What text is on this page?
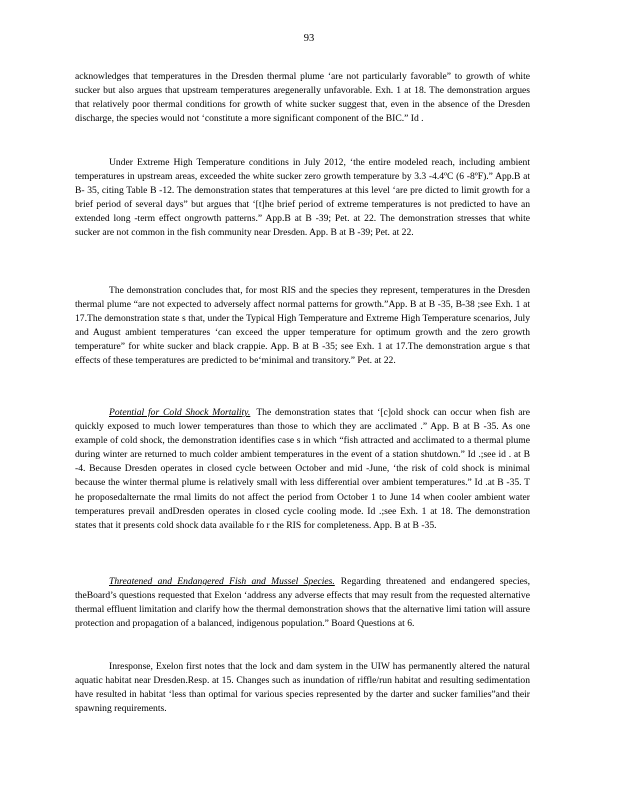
93

acknowledges that temperatures in the Dresden thermal plume ‘are not particularly favorable” to growth of white sucker but also argues that upstream temperatures aregenerally unfavorable. Exh. 1 at 18. The demonstration argues that relatively poor thermal conditions for growth of white sucker suggest that, even in the absence of the Dresden discharge, the species would not ‘constitute a more significant component of the BIC.” Id .

Under Extreme High Temperature conditions in July 2012, ‘the entire modeled reach, including ambient temperatures in upstream areas, exceeded the white sucker zero growth temperature by 3.3 -4.4ºC (6 -8ºF).” App.B at B- 35, citing Table B -12. The demonstration states that temperatures at this level ‘are pre dicted to limit growth for a brief period of several days” but argues that ‘[t]he brief period of extreme temperatures is not predicted to have an extended long -term effect ongrowth patterns.” App.B at B -39; Pet. at 22. The demonstration stresses that white sucker are not common in the fish community near Dresden. App. B at B -39; Pet. at 22.

The demonstration concludes that, for most RIS and the species they represent, temperatures in the Dresden thermal plume “are not expected to adversely affect normal patterns for growth.”App. B at B -35, B-38 ;see Exh. 1 at 17.The demonstration state s that, under the Typical High Temperature and Extreme High Temperature scenarios, July and August ambient temperatures ‘can exceed the upper temperature for optimum growth and the zero growth temperature” for white sucker and black crappie. App. B at B -35; see Exh. 1 at 17.The demonstration argue s that effects of these temperatures are predicted to be‘minimal and transitory.” Pet. at 22.

Potential for Cold Shock Mortality. The demonstration states that ‘[c]old shock can occur when fish are quickly exposed to much lower temperatures than those to which they are acclimated .” App. B at B -35. As one example of cold shock, the demonstration identifies case s in which “fish attracted and acclimated to a thermal plume during winter are returned to much colder ambient temperatures in the event of a station shutdown.” Id .;see id . at B -4. Because Dresden operates in closed cycle between October and mid -June, ‘the risk of cold shock is minimal because the winter thermal plume is relatively small with less differential over ambient temperatures.” Id .at B -35. T he proposedalternate the rmal limits do not affect the period from October 1 to June 14 when cooler ambient water temperatures prevail andDresden operates in closed cycle cooling mode. Id .;see Exh. 1 at 18. The demonstration states that it presents cold shock data available fo r the RIS for completeness. App. B at B -35.

Threatened and Endangered Fish and Mussel Species. Regarding threatened and endangered species, theBoard’s questions requested that Exelon ‘address any adverse effects that may result from the requested alternative thermal effluent limitation and clarify how the thermal demonstration shows that the alternative limi tation will assure protection and propagation of a balanced, indigenous population.” Board Questions at 6.

Inresponse, Exelon first notes that the lock and dam system in the UIW has permanently altered the natural aquatic habitat near Dresden.Resp. at 15. Changes such as inundation of riffle/run habitat and resulting sedimentation have resulted in habitat ‘less than optimal for various species represented by the darter and sucker families”and their spawning requirements.
